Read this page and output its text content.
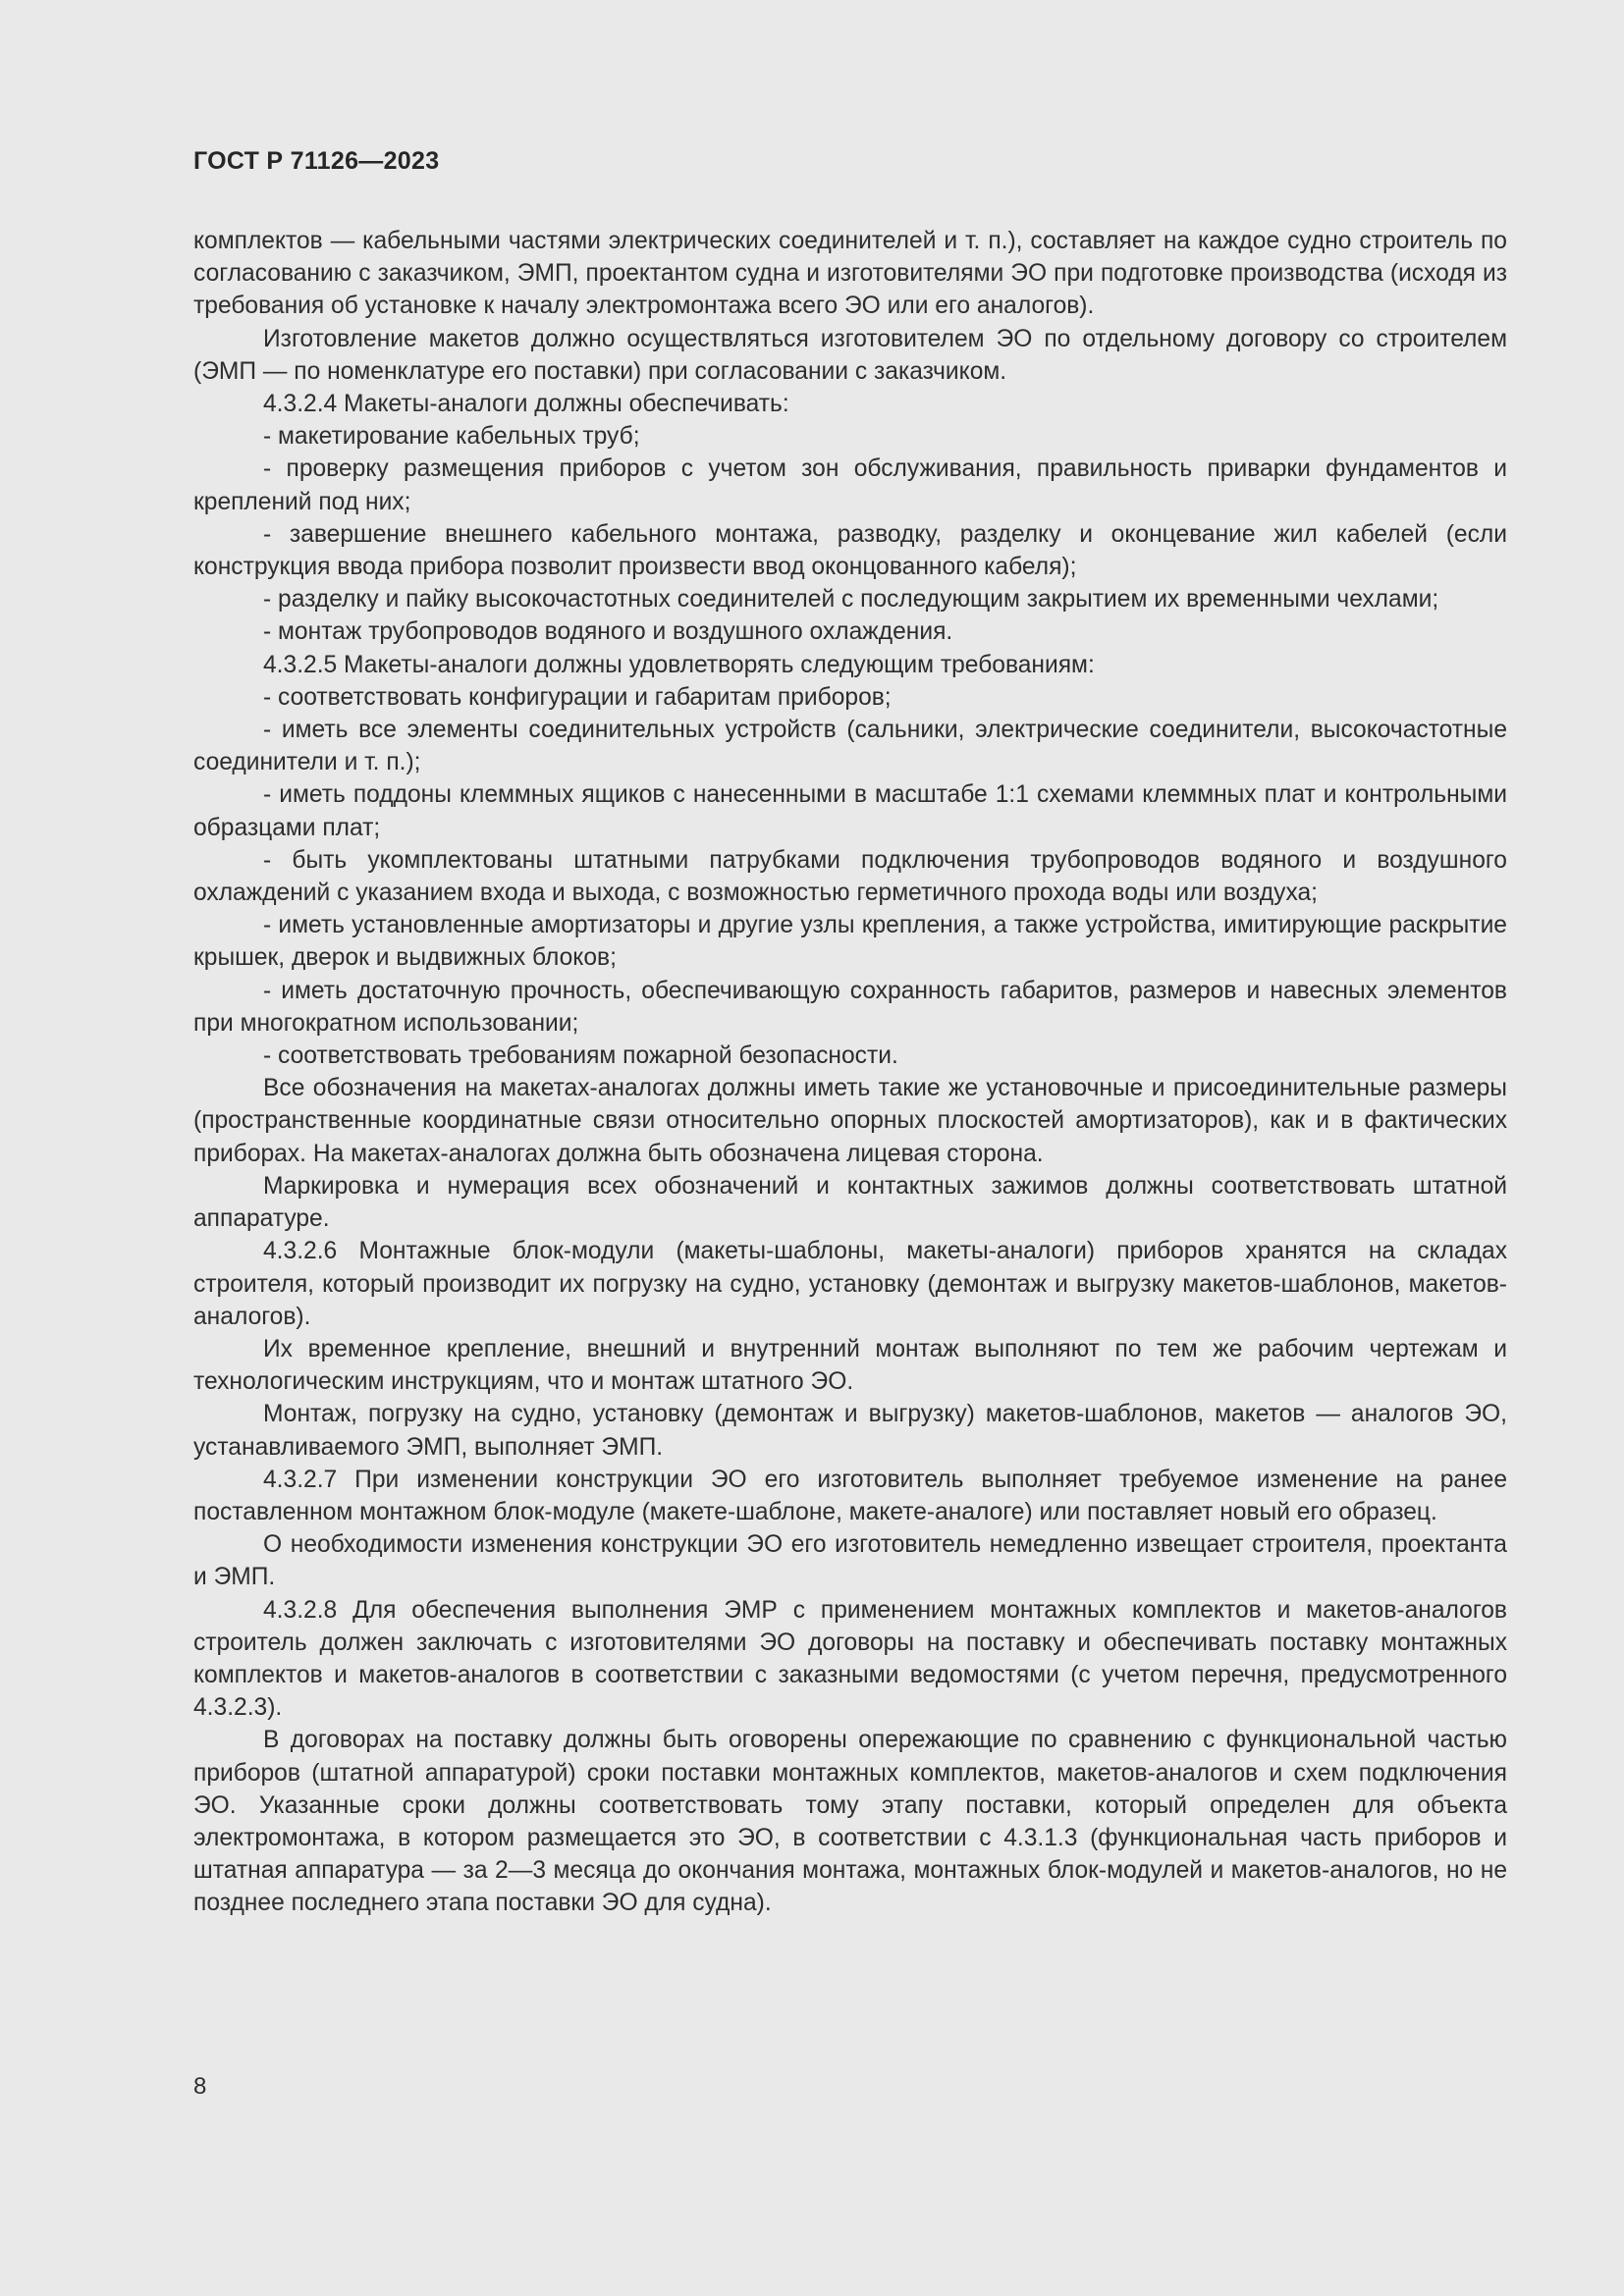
ГОСТ Р 71126—2023

комплектов — кабельными частями электрических соединителей и т. п.), составляет на каждое судно строитель по согласованию с заказчиком, ЭМП, проектантом судна и изготовителями ЭО при подготовке производства (исходя из требования об установке к началу электромонтажа всего ЭО или его аналогов).

Изготовление макетов должно осуществляться изготовителем ЭО по отдельному договору со строителем (ЭМП — по номенклатуре его поставки) при согласовании с заказчиком.

4.3.2.4 Макеты-аналоги должны обеспечивать:

- макетирование кабельных труб;

- проверку размещения приборов с учетом зон обслуживания, правильность приварки фундаментов и креплений под них;

- завершение внешнего кабельного монтажа, разводку, разделку и оконцевание жил кабелей (если конструкция ввода прибора позволит произвести ввод оконцованного кабеля);

- разделку и пайку высокочастотных соединителей с последующим закрытием их временными чехлами;

- монтаж трубопроводов водяного и воздушного охлаждения.

4.3.2.5 Макеты-аналоги должны удовлетворять следующим требованиям:

- соответствовать конфигурации и габаритам приборов;

- иметь все элементы соединительных устройств (сальники, электрические соединители, высокочастотные соединители и т. п.);

- иметь поддоны клеммных ящиков с нанесенными в масштабе 1:1 схемами клеммных плат и контрольными образцами плат;

- быть укомплектованы штатными патрубками подключения трубопроводов водяного и воздушного охлаждений с указанием входа и выхода, с возможностью герметичного прохода воды или воздуха;

- иметь установленные амортизаторы и другие узлы крепления, а также устройства, имитирующие раскрытие крышек, дверок и выдвижных блоков;

- иметь достаточную прочность, обеспечивающую сохранность габаритов, размеров и навесных элементов при многократном использовании;

- соответствовать требованиям пожарной безопасности.

Все обозначения на макетах-аналогах должны иметь такие же установочные и присоединительные размеры (пространственные координатные связи относительно опорных плоскостей амортизаторов), как и в фактических приборах. На макетах-аналогах должна быть обозначена лицевая сторона.

Маркировка и нумерация всех обозначений и контактных зажимов должны соответствовать штатной аппаратуре.

4.3.2.6 Монтажные блок-модули (макеты-шаблоны, макеты-аналоги) приборов хранятся на складах строителя, который производит их погрузку на судно, установку (демонтаж и выгрузку макетов-шаблонов, макетов-аналогов).

Их временное крепление, внешний и внутренний монтаж выполняют по тем же рабочим чертежам и технологическим инструкциям, что и монтаж штатного ЭО.

Монтаж, погрузку на судно, установку (демонтаж и выгрузку) макетов-шаблонов, макетов — аналогов ЭО, устанавливаемого ЭМП, выполняет ЭМП.

4.3.2.7 При изменении конструкции ЭО его изготовитель выполняет требуемое изменение на ранее поставленном монтажном блок-модуле (макете-шаблоне, макете-аналоге) или поставляет новый его образец.

О необходимости изменения конструкции ЭО его изготовитель немедленно извещает строителя, проектанта и ЭМП.

4.3.2.8 Для обеспечения выполнения ЭМР с применением монтажных комплектов и макетов-аналогов строитель должен заключать с изготовителями ЭО договоры на поставку и обеспечивать поставку монтажных комплектов и макетов-аналогов в соответствии с заказными ведомостями (с учетом перечня, предусмотренного 4.3.2.3).

В договорах на поставку должны быть оговорены опережающие по сравнению с функциональной частью приборов (штатной аппаратурой) сроки поставки монтажных комплектов, макетов-аналогов и схем подключения ЭО. Указанные сроки должны соответствовать тому этапу поставки, который определен для объекта электромонтажа, в котором размещается это ЭО, в соответствии с 4.3.1.3 (функциональная часть приборов и штатная аппаратура — за 2—3 месяца до окончания монтажа, монтажных блок-модулей и макетов-аналогов, но не позднее последнего этапа поставки ЭО для судна).

8
